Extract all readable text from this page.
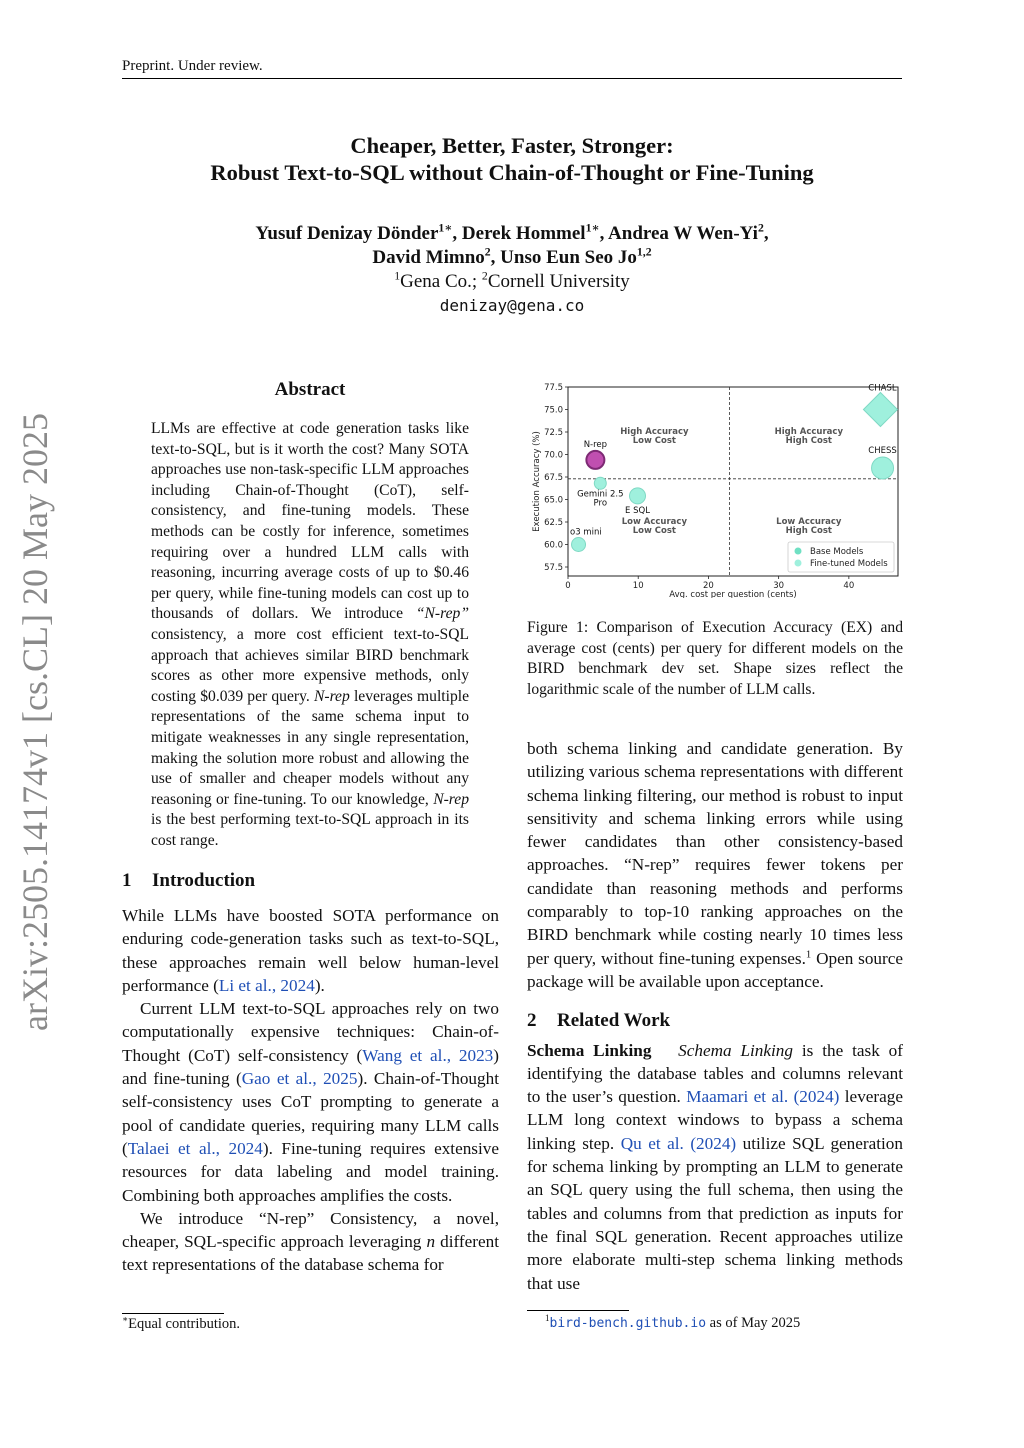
Preprint. Under review.
arXiv:2505.14174v1 [cs.CL] 20 May 2025
Cheaper, Better, Faster, Stronger:
Robust Text-to-SQL without Chain-of-Thought or Fine-Tuning
Yusuf Denizay Dönder$^{1∗}$, Derek Hommel$^{1∗}$, Andrea W Wen-Yi$^2$,
David Mimno$^2$, Unso Eun Seo Jo$^{1,2}$
$^1$Gena Co.; $^2$Cornell University
denizay@gena.co
Abstract
LLMs are effective at code generation tasks like text-to-SQL, but is it worth the cost? Many SOTA approaches use non-task-specific LLM approaches including Chain-of-Thought (CoT), self-consistency, and fine-tuning models. These methods can be costly for inference, sometimes requiring over a hundred LLM calls with reasoning, incurring average costs of up to $0.46 per query, while fine-tuning models can cost up to thousands of dollars. We introduce “N-rep” consistency, a more cost efficient text-to-SQL approach that achieves similar BIRD benchmark scores as other more expensive methods, only costing $0.039 per query. N-rep leverages multiple representations of the same schema input to mitigate weaknesses in any single representation, making the solution more robust and allowing the use of smaller and cheaper models without any reasoning or fine-tuning. To our knowledge, N-rep is the best performing text-to-SQL approach in its cost range.
1 Introduction

While LLMs have boosted SOTA performance on enduring code-generation tasks such as text-to-SQL, these approaches remain well below human-level performance (Li et al., 2024).

Current LLM text-to-SQL approaches rely on two computationally expensive techniques: Chain-of-Thought (CoT) self-consistency (Wang et al., 2023) and fine-tuning (Gao et al., 2025). Chain-of-Thought self-consistency uses CoT prompting to generate a pool of candidate queries, requiring many LLM calls (Talaei et al., 2024). Fine-tuning requires extensive resources for data labeling and model training. Combining both approaches amplifies the costs.

We introduce “N-rep” Consistency, a novel, cheaper, SQL-specific approach leveraging n different text representations of the database schema for

∗Equal contribution.
57.5
60.0
62.5
65.0
67.5
70.0
72.5
75.0
77.5
0	10	20	30	40
Avg. cost per question (cents)
Execution Accuracy (%)	High Accuracy
Low Cost
High Accuracy
High Cost
Low Accuracy
Low Cost
Low Accuracy
High Cost
CHASL
CHESS
N-rep
Gemini 2.5
Pro
E SQL
o3 mini
Base Models
Fine-tuned Models
Figure 1: Comparison of Execution Accuracy (EX) and average cost (cents) per query for different models on the BIRD benchmark dev set. Shape sizes reflect the logarithmic scale of the number of LLM calls.

both schema linking and candidate generation. By utilizing various schema representations with different schema linking filtering, our method is robust to input sensitivity and schema linking errors while using fewer candidates than other consistency-based approaches. “N-rep” requires fewer tokens per candidate than reasoning methods and performs comparably to top-10 ranking approaches on the BIRD benchmark while costing nearly 10 times less per query, without fine-tuning expenses.$^1$ Open source package will be available upon acceptance.

2 Related Work

Schema Linking Schema Linking is the task of identifying the database tables and columns relevant to the user’s question. Maamari et al. (2024) leverage LLM long context windows to bypass a schema linking step. Qu et al. (2024) utilize SQL generation for schema linking by prompting an LLM to generate an SQL query using the full schema, then using the tables and columns from that prediction as inputs for the final SQL generation. Recent approaches utilize more elaborate multi-step schema linking methods that use

$^1$bird-bench.github.io as of May 2025
